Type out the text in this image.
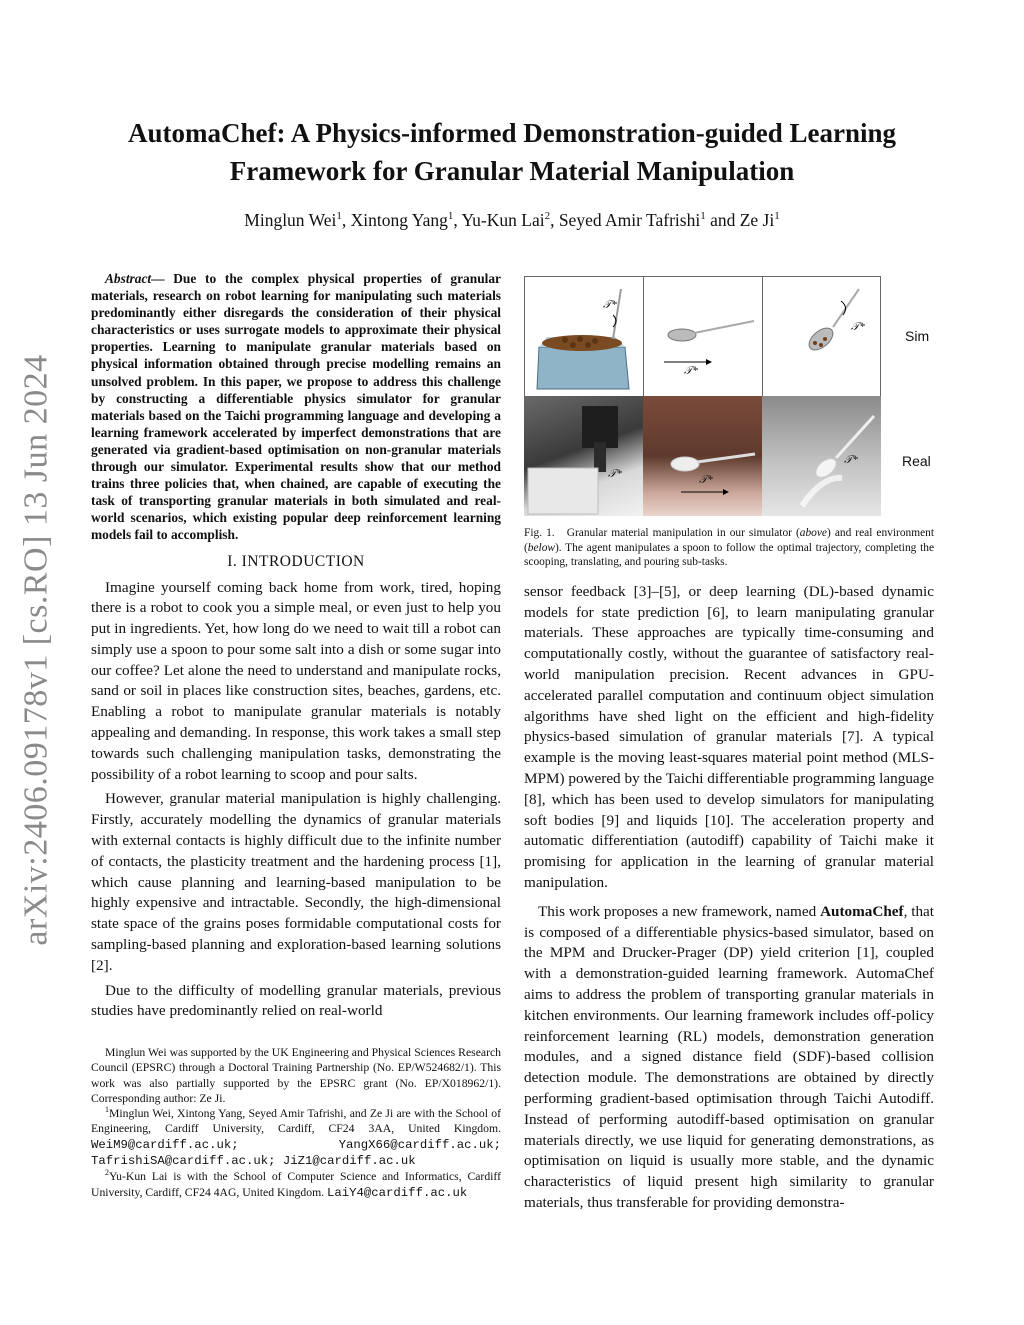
arXiv:2406.09178v1 [cs.RO] 13 Jun 2024
AutomaChef: A Physics-informed Demonstration-guided Learning
Framework for Granular Material Manipulation
Minglun Wei$^1$, Xintong Yang$^1$, Yu-Kun Lai$^2$, Seyed Amir Tafrishi$^1$ and Ze Ji$^1$

Abstract— Due to the complex physical properties of granular materials, research on robot learning for manipulating such materials predominantly either disregards the consideration of their physical characteristics or uses surrogate models to approximate their physical properties. Learning to manipulate granular materials based on physical information obtained through precise modelling remains an unsolved problem. In this paper, we propose to address this challenge by constructing a differentiable physics simulator for granular materials based on the Taichi programming language and developing a learning framework accelerated by imperfect demonstrations that are generated via gradient-based optimisation on non-granular materials through our simulator. Experimental results show that our method trains three policies that, when chained, are capable of executing the task of transporting granular materials in both simulated and real-world scenarios, which existing popular deep reinforcement learning models fail to accomplish.

I. INTRODUCTION

Imagine yourself coming back home from work, tired, hoping there is a robot to cook you a simple meal, or even just to help you put in ingredients. Yet, how long do we need to wait till a robot can simply use a spoon to pour some salt into a dish or some sugar into our coffee? Let alone the need to understand and manipulate rocks, sand or soil in places like construction sites, beaches, gardens, etc. Enabling a robot to manipulate granular materials is notably appealing and demanding. In response, this work takes a small step towards such challenging manipulation tasks, demonstrating the possibility of a robot learning to scoop and pour salts.

However, granular material manipulation is highly challenging. Firstly, accurately modelling the dynamics of granular materials with external contacts is highly difficult due to the infinite number of contacts, the plasticity treatment and the hardening process [1], which cause planning and learning-based manipulation to be highly expensive and intractable. Secondly, the high-dimensional state space of the grains poses formidable computational costs for sampling-based planning and exploration-based learning solutions [2].

Due to the difficulty of modelling granular materials, previous studies have predominantly relied on real-world

Minglun Wei was supported by the UK Engineering and Physical Sciences Research Council (EPSRC) through a Doctoral Training Partnership (No. EP/W524682/1). This work was also partially supported by the EPSRC grant (No. EP/X018962/1). Corresponding author: Ze Ji.

$^1$Minglun Wei, Xintong Yang, Seyed Amir Tafrishi, and Ze Ji are with the School of Engineering, Cardiff University, Cardiff, CF24 3AA, United Kingdom. WeiM9@cardiff.ac.uk; YangX66@cardiff.ac.uk; TafrishiSA@cardiff.ac.uk; JiZ1@cardiff.ac.uk

$^2$Yu-Kun Lai is with the School of Computer Science and Informatics, Cardiff University, Cardiff, CF24 4AG, United Kingdom. LaiY4@cardiff.ac.uk

𝒯*
𝒯*
𝒯*
𝒯*	𝒯*
𝒯*
Sim
Real
Fig. 1. Granular material manipulation in our simulator (above) and real environment (below). The agent manipulates a spoon to follow the optimal trajectory, completing the scooping, translating, and pouring sub-tasks.

sensor feedback [3]–[5], or deep learning (DL)-based dynamic models for state prediction [6], to learn manipulating granular materials. These approaches are typically time-consuming and computationally costly, without the guarantee of satisfactory real-world manipulation precision. Recent advances in GPU-accelerated parallel computation and continuum object simulation algorithms have shed light on the efficient and high-fidelity physics-based simulation of granular materials [7]. A typical example is the moving least-squares material point method (MLS-MPM) powered by the Taichi differentiable programming language [8], which has been used to develop simulators for manipulating soft bodies [9] and liquids [10]. The acceleration property and automatic differentiation (autodiff) capability of Taichi make it promising for application in the learning of granular material manipulation.

This work proposes a new framework, named AutomaChef, that is composed of a differentiable physics-based simulator, based on the MPM and Drucker-Prager (DP) yield criterion [1], coupled with a demonstration-guided learning framework. AutomaChef aims to address the problem of transporting granular materials in kitchen environments. Our learning framework includes off-policy reinforcement learning (RL) models, demonstration generation modules, and a signed distance field (SDF)-based collision detection module. The demonstrations are obtained by directly performing gradient-based optimisation through Taichi Autodiff. Instead of performing autodiff-based optimisation on granular materials directly, we use liquid for generating demonstrations, as optimisation on liquid is usually more stable, and the dynamic characteristics of liquid present high similarity to granular materials, thus transferable for providing demonstra-
